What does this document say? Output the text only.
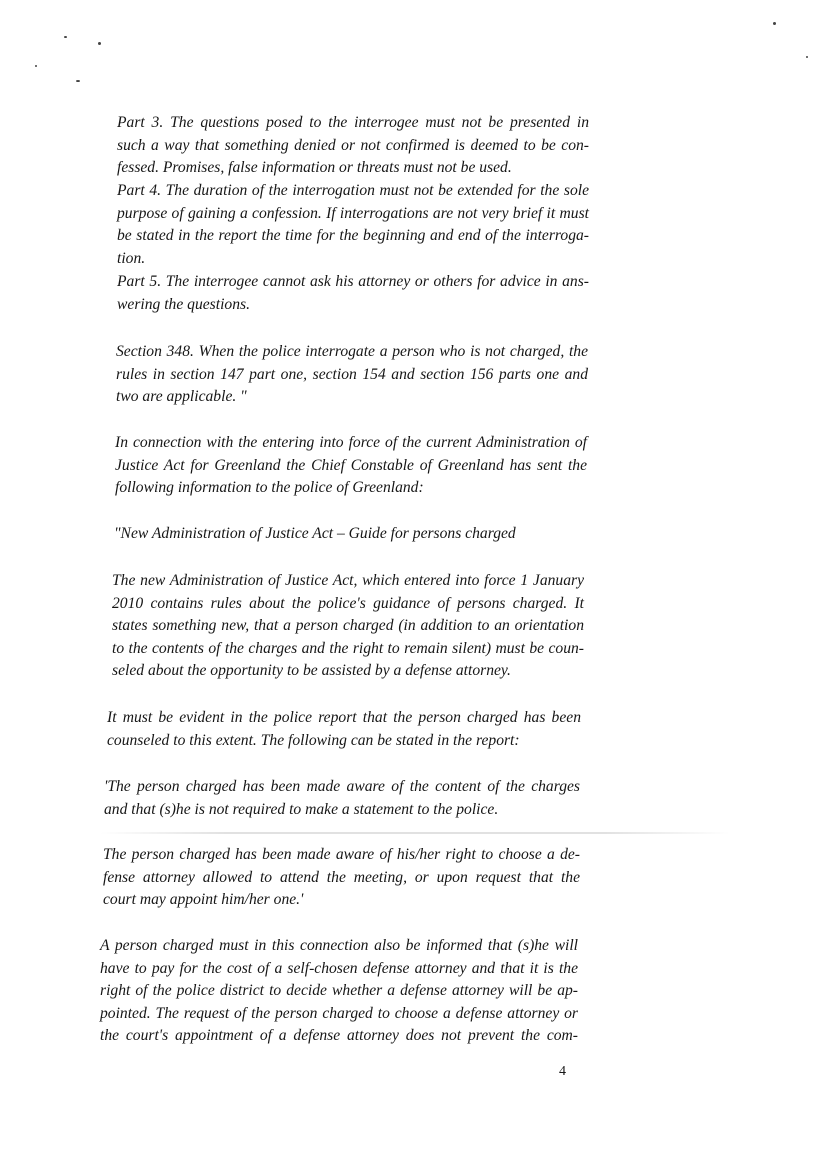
Part 3. The questions posed to the interrogee must not be presented in
such a way that something denied or not confirmed is deemed to be con-
fessed. Promises, false information or threats must not be used.
Part 4. The duration of the interrogation must not be extended for the sole
purpose of gaining a confession. If interrogations are not very brief it must
be stated in the report the time for the beginning and end of the interroga-
tion.
Part 5. The interrogee cannot ask his attorney or others for advice in ans-
wering the questions.
Section 348. When the police interrogate a person who is not charged, the
rules in section 147 part one, section 154 and section 156 parts one and
two are applicable. "
In connection with the entering into force of the current Administration of
Justice Act for Greenland the Chief Constable of Greenland has sent the
following information to the police of Greenland:
"New Administration of Justice Act – Guide for persons charged
The new Administration of Justice Act, which entered into force 1 January
2010 contains rules about the police's guidance of persons charged. It
states something new, that a person charged (in addition to an orientation
to the contents of the charges and the right to remain silent) must be coun-
seled about the opportunity to be assisted by a defense attorney.
It must be evident in the police report that the person charged has been
counseled to this extent. The following can be stated in the report:
'The person charged has been made aware of the content of the charges
and that (s)he is not required to make a statement to the police.
The person charged has been made aware of his/her right to choose a de-
fense attorney allowed to attend the meeting, or upon request that the
court may appoint him/her one.'
A person charged must in this connection also be informed that (s)he will
have to pay for the cost of a self-chosen defense attorney and that it is the
right of the police district to decide whether a defense attorney will be ap-
pointed. The request of the person charged to choose a defense attorney or
the court's appointment of a defense attorney does not prevent the com-
4
